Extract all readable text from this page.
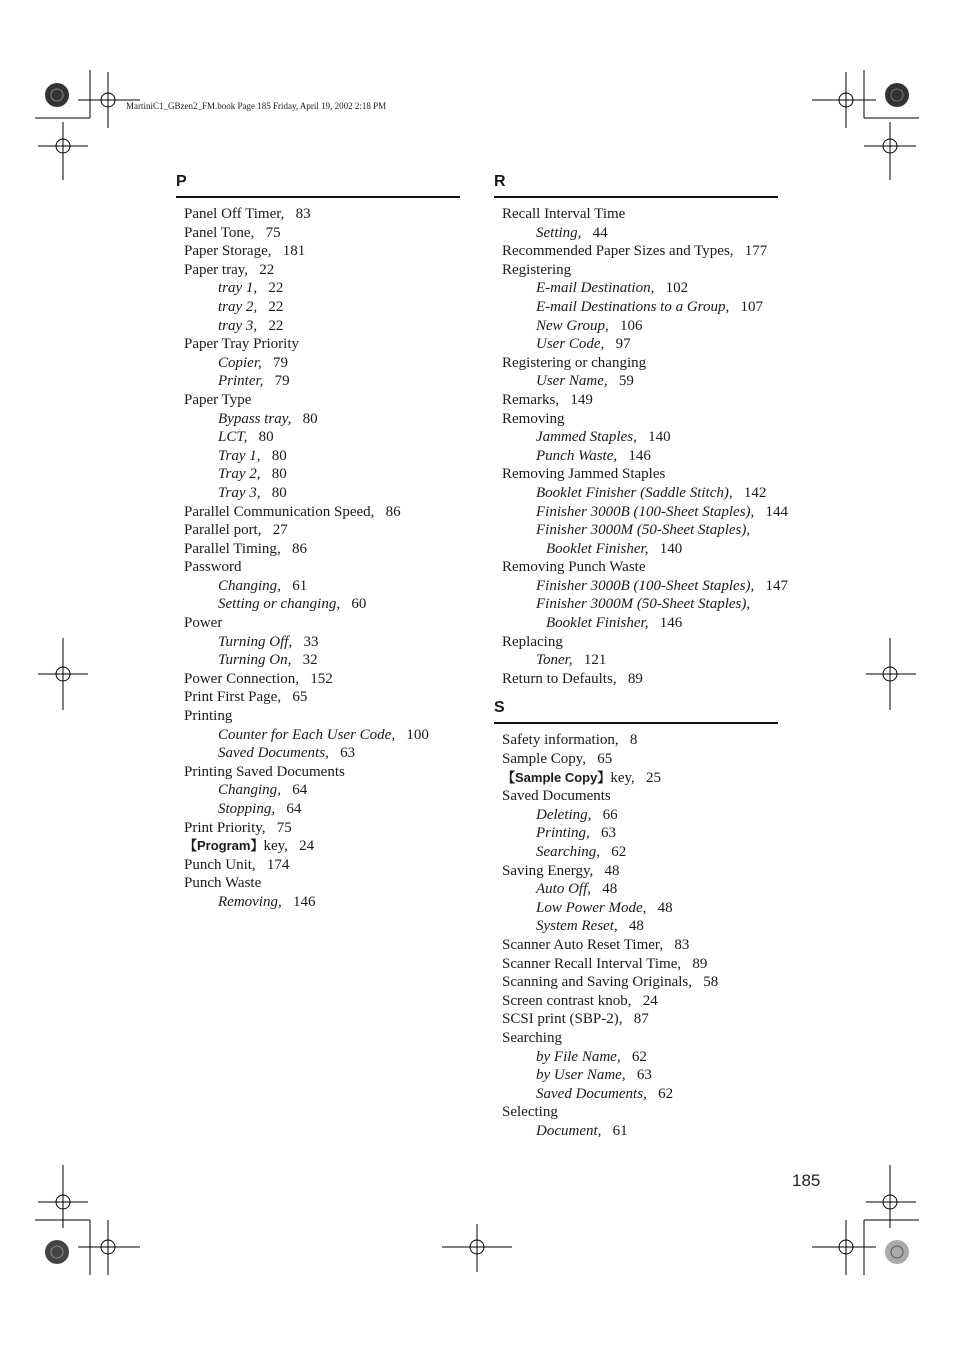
MartiniC1_GBzen2_FM.book Page 185 Friday, April 19, 2002 2:18 PM
P
Panel Off Timer,  83
Panel Tone,  75
Paper Storage,  181
Paper tray,  22
tray 1,  22
tray 2,  22
tray 3,  22
Paper Tray Priority
Copier,  79
Printer,  79
Paper Type
Bypass tray,  80
LCT,  80
Tray 1,  80
Tray 2,  80
Tray 3,  80
Parallel Communication Speed,  86
Parallel port,  27
Parallel Timing,  86
Password
Changing,  61
Setting or changing,  60
Power
Turning Off,  33
Turning On,  32
Power Connection,  152
Print First Page,  65
Printing
Counter for Each User Code,  100
Saved Documents,  63
Printing Saved Documents
Changing,  64
Stopping,  64
Print Priority,  75
【Program】key,  24
Punch Unit,  174
Punch Waste
Removing,  146
R
Recall Interval Time
Setting,  44
Recommended Paper Sizes and Types,  177
Registering
E-mail Destination,  102
E-mail Destinations to a Group,  107
New Group,  106
User Code,  97
Registering or changing
User Name,  59
Remarks,  149
Removing
Jammed Staples,  140
Punch Waste,  146
Removing Jammed Staples
Booklet Finisher (Saddle Stitch),  142
Finisher 3000B (100-Sheet Staples),  144
Finisher 3000M (50-Sheet Staples),
Booklet Finisher,  140
Removing Punch Waste
Finisher 3000B (100-Sheet Staples),  147
Finisher 3000M (50-Sheet Staples),
Booklet Finisher,  146
Replacing
Toner,  121
Return to Defaults,  89
S
Safety information,  8
Sample Copy,  65
【Sample Copy】key,  25
Saved Documents
Deleting,  66
Printing,  63
Searching,  62
Saving Energy,  48
Auto Off,  48
Low Power Mode,  48
System Reset,  48
Scanner Auto Reset Timer,  83
Scanner Recall Interval Time,  89
Scanning and Saving Originals,  58
Screen contrast knob,  24
SCSI print (SBP-2),  87
Searching
by File Name,  62
by User Name,  63
Saved Documents,  62
Selecting
Document,  61
185
